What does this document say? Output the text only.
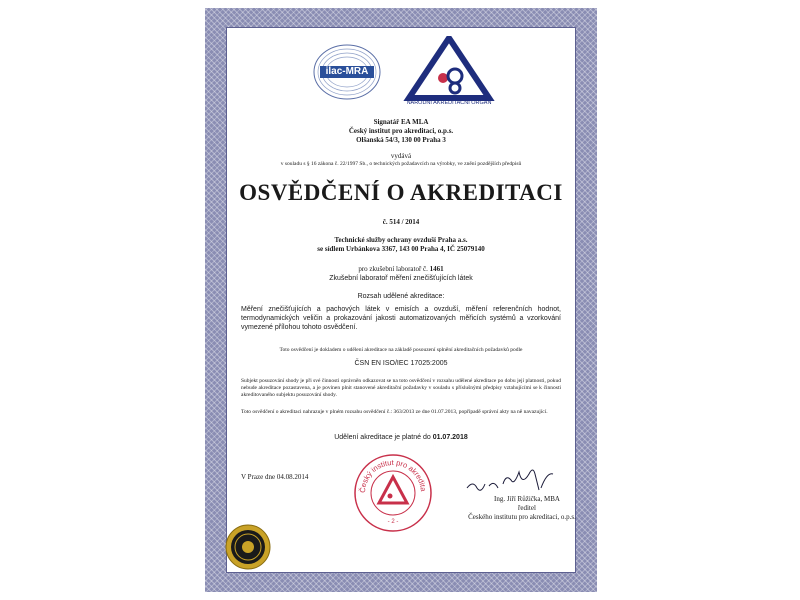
ilac-MRA
NÁRODNÍ AKREDITAČNÍ ORGÁN
Signatář EA MLA
Český institut pro akreditaci, o.p.s.
Olšanská 54/3, 130 00 Praha 3
vydává
v souladu s § 16 zákona č. 22/1997 Sb., o technických požadavcích na výrobky, ve znění pozdějších předpisů
OSVĚDČENÍ O AKREDITACI
č. 514 / 2014
Technické služby ochrany ovzduší Praha a.s.
se sídlem Urbánkova 3367, 143 00 Praha 4, IČ 25079140
pro zkušební laboratoř č. 1461
Zkušební laboratoř měření znečišťujících látek
Rozsah udělené akreditace:
Měření znečišťujících a pachových látek v emisích a ovzduší, měření referenčních hodnot, termodynamických veličin a prokazování jakosti automatizovaných měřicích systémů a vzorkování vymezené přílohou tohoto osvědčení.
Toto osvědčení je dokladem o udělení akreditace na základě posouzení splnění akreditačních požadavků podle
ČSN EN ISO/IEC 17025:2005
Subjekt posuzování shody je při své činnosti oprávněn odkazovat se na toto osvědčení v rozsahu udělené akreditace po dobu její platnosti, pokud nebude akreditace pozastavena, a je povinen plnit stanovené akreditační požadavky v souladu s příslušnými předpisy vztahujícími se k činnosti akreditovaného subjektu posuzování shody.
Toto osvědčení o akreditaci nahrazuje v plném rozsahu osvědčení č.: 363/2013 ze dne 01.07.2013, popřípadě správní akty na ně navazující.
Udělení akreditace je platné do 01.07.2018
V Praze dne 04.08.2014
Český institut pro akredita
- 2 -
Ing. Jiří Růžička, MBA
ředitel
Českého institutu pro akreditaci, o.p.s.
